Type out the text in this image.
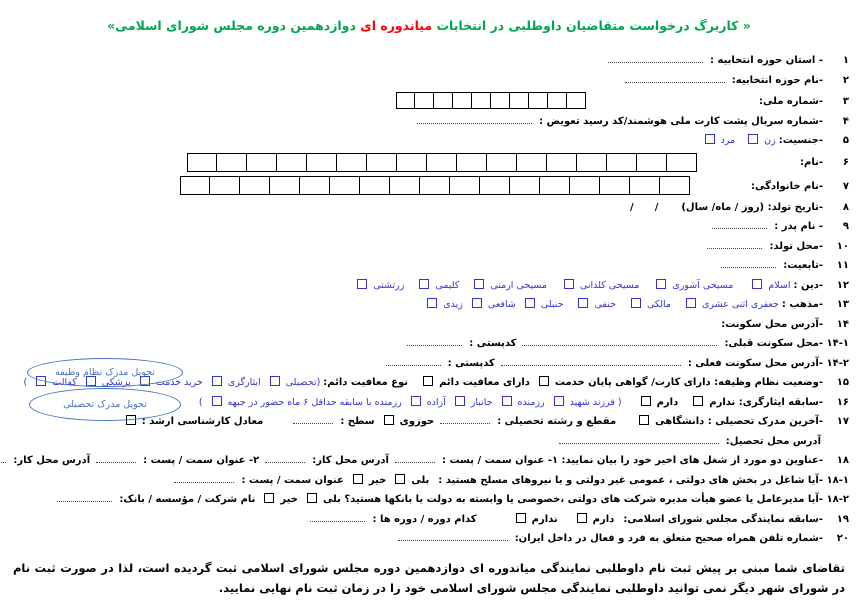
« کاربرگ درخواست متقاضیان داوطلبی در انتخابات میاندوره ای دوازدهمین دوره مجلس شورای اسلامی»
۱- استان حوزه انتخابیه :
۲-نام حوزه انتخابیه:
۳-شماره ملی:
۴-شماره سریال پشت کارت ملی هوشمند/کد رسید تعویض :
۵-جنسیت:زنمرد
۶-نام:
۷-نام خانوادگی:
۸-تاریخ تولد: (روز / ماه/ سال)//
۹- نام پدر :
۱۰-محل تولد:
۱۱-تابعیت:
۱۲-دین :اسلاممسیحی آشوریمسیحی کلدانیمسیحی ارمنیکلیمیزرتشتی
۱۳-مذهب :جعفری اثنی عشریمالکیحنفیحنبلیشافعیزیدی
۱۴-آدرس محل سکونت:
۱۴-۱-محل سکونت قبلی:کدپستی :
۱۴-۲-آدرس محل سکونت فعلی :کدپستی :
۱۵-وضعیت نظام وظیفه: دارای کارت/ گواهی پایان خدمتدارای معافیت دائمنوع معافیت دائم:(تحصیلیایثارگریخرید خدمتپزشکیکفالت)
۱۶-سابقه ایثارگری: ندارمدارم( فرزند شهیدرزمندهجانبازآزادهرزمنده با سابقه حداقل ۶ ماه حضور در جبهه)
۱۷-آخرین مدرک تحصیلی : دانشگاهیمقطع و رشته تحصیلی :حوزویسطح :معادل کارشناسی ارشد :
آدرس محل تحصیل:
۱۸-عناوین دو مورد از شغل های اخیر خود را بیان نمایید: ۱- عنوان سمت / پست :آدرس محل کار:۲- عنوان سمت / پست :آدرس محل کار:
۱۸-۱-آیا شاغل در بخش های دولتی ، عمومی غیر دولتی و یا نیروهای مسلح هستید :بلیخیرعنوان سمت / پست :
۱۸-۲-آیا مدیرعامل یا عضو هیأت مدیره شرکت های دولتی ،خصوصی یا وابسته به دولت یا بانکها هستید؟ بلیخیرنام شرکت / مؤسسه / بانک:
۱۹-سابقه نمایندگی مجلس شورای اسلامی:دارمندارمکدام دوره / دوره ها :
۲۰-شماره تلفن همراه صحیح متعلق به فرد و فعال در داخل ایران:

تقاضای شما مبنی بر پیش ثبت نام داوطلبی نمایندگی میاندوره ای دوازدهمین دوره مجلس شورای اسلامی ثبت گردیده است، لذا در صورت ثبت نام در شورای شهر دیگر نمی توانید داوطلبی نمایندگی مجلس شورای اسلامی خود را در زمان ثبت نام نهایی نمایید.

تحویل مدرک نظام وظیفه
تحویل مدرک تحصیلی
